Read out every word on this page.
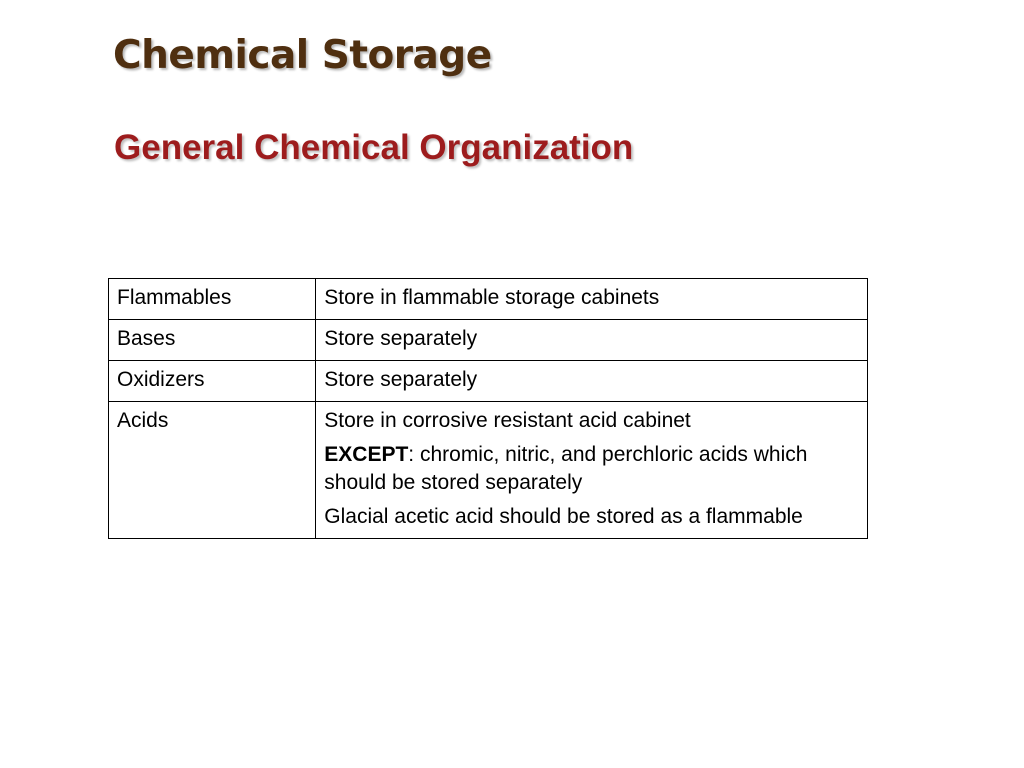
Chemical Storage
General Chemical Organization
Flammables	Store in flammable storage cabinets
Bases	Store separately
Oxidizers	Store separately
Acids	Store in corrosive resistant acid cabinet

EXCEPT: chromic, nitric, and perchloric acids which should be stored separately

Glacial acetic acid should be stored as a flammable
